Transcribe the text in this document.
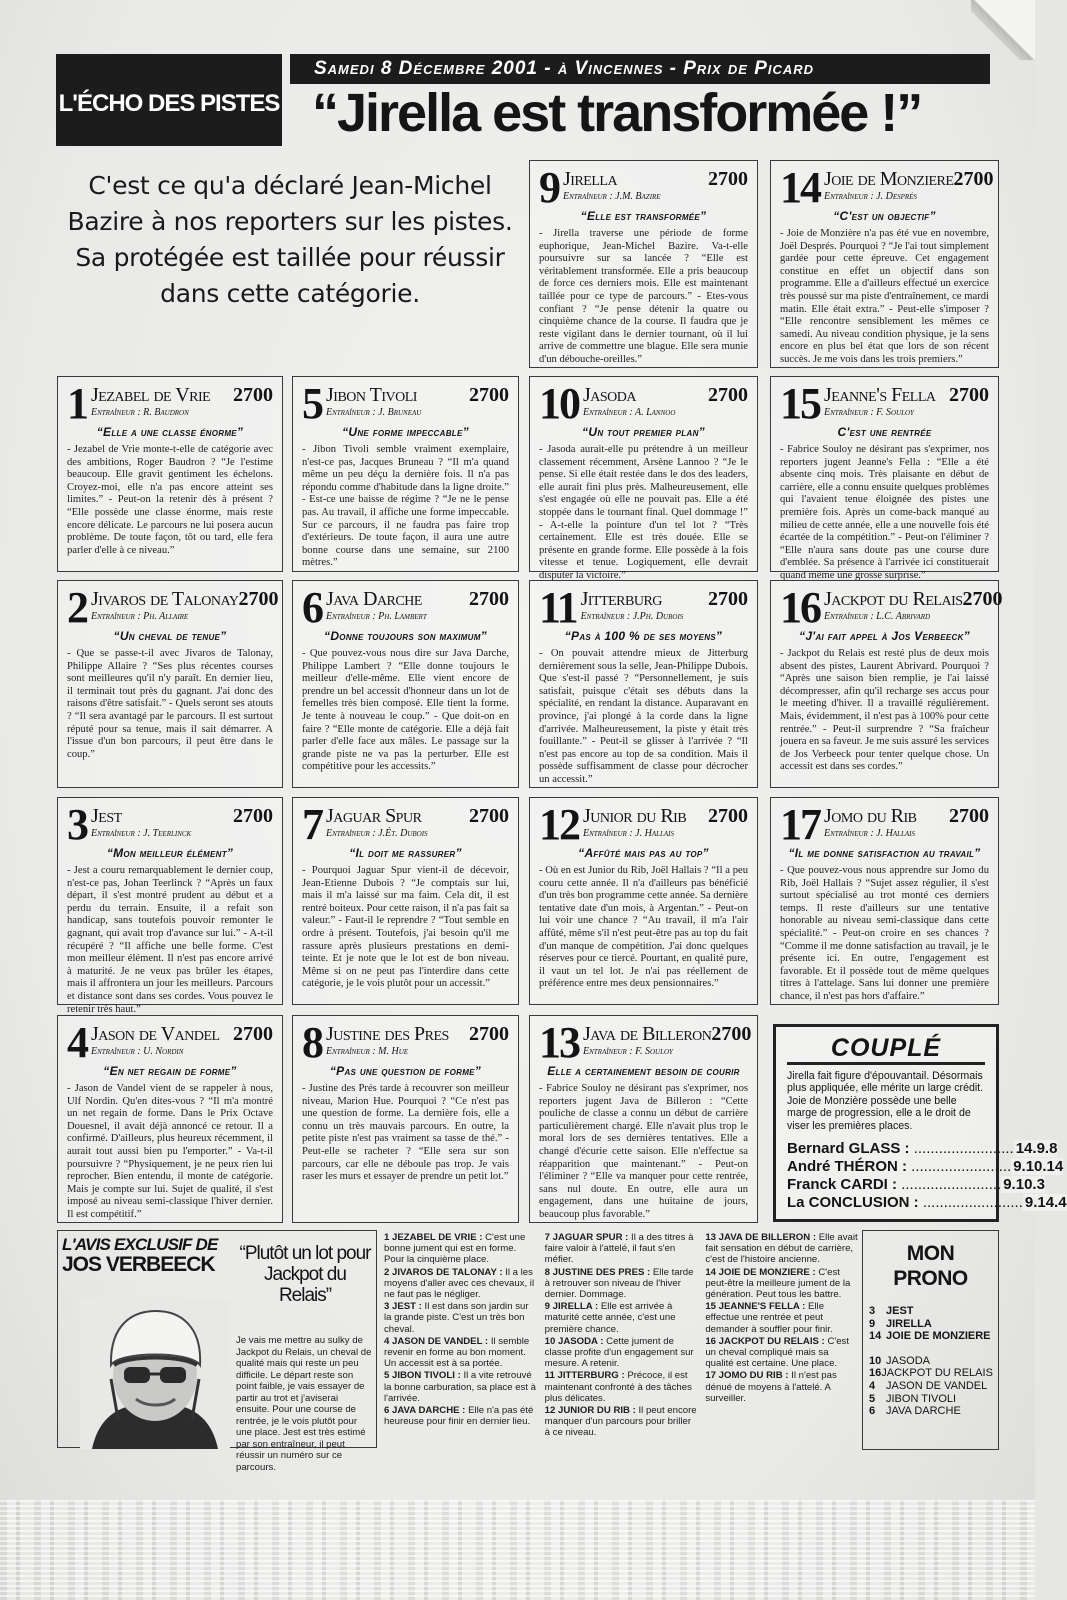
L'ÉCHO DES PISTES
Samedi 8 Décembre 2001 - à Vincennes - Prix de Picard
“Jirella est transformée !”
C'est ce qu'a déclaré Jean-Michel Bazire à nos reporters sur les pistes. Sa protégée est taillée pour réussir dans cette catégorie.
9 Jirella	2700
Entraîneur : J.M. Bazire
“Elle est transformée”
- Jirella traverse une période de forme euphorique, Jean-Michel Bazire. Va-t-elle poursuivre sur sa lancée ? “Elle est véritablement transformée. Elle a pris beaucoup de force ces derniers mois. Elle est maintenant taillée pour ce type de parcours.” - Etes-vous confiant ? “Je pense détenir la quatre ou cinquième chance de la course. Il faudra que je reste vigilant dans le dernier tournant, où il lui arrive de commettre une blague. Elle sera munie d'un débouche-oreilles.”
14 Joie de Monziere 2700
Entraîneur : J. Després
“C'est un objectif”
- Joie de Monzière n'a pas été vue en novembre, Joël Després. Pourquoi ? “Je l'ai tout simplement gardée pour cette épreuve. Cet engagement constitue en effet un objectif dans son programme. Elle a d'ailleurs effectué un exercice très poussé sur ma piste d'entraînement, ce mardi matin. Elle était extra.” - Peut-elle s'imposer ? “Elle rencontre sensiblement les mêmes ce samedi. Au niveau condition physique, je la sens encore en plus bel état que lors de son récent succès. Je me vois dans les trois premiers.”
1 Jezabel de Vrie 2700
Entraîneur : R. Baudron
“Elle a une classe énorme”
- Jezabel de Vrie monte-t-elle de catégorie avec des ambitions, Roger Baudron ? “Je l'estime beaucoup. Elle gravit gentiment les échelons. Croyez-moi, elle n'a pas encore atteint ses limites.” - Peut-on la retenir dès à présent ? “Elle possède une classe énorme, mais reste encore délicate. Le parcours ne lui posera aucun problème. De toute façon, tôt ou tard, elle fera parler d'elle à ce niveau.”
5 Jibon Tivoli	2700
Entraîneur : J. Bruneau
“Une forme impeccable”
- Jibon Tivoli semble vraiment exemplaire, n'est-ce pas, Jacques Bruneau ? “Il m'a quand même un peu déçu la dernière fois. Il n'a pas répondu comme d'habitude dans la ligne droite.” - Est-ce une baisse de régime ? “Je ne le pense pas. Au travail, il affiche une forme impeccable. Sur ce parcours, il ne faudra pas faire trop d'extérieurs. De toute façon, il aura une autre bonne course dans une semaine, sur 2100 mètres.”
10 Jasoda	2700
Entraîneur : A. Lannoo
“Un tout premier plan”
- Jasoda aurait-elle pu prétendre à un meilleur classement récemment, Arsène Lannoo ? “Je le pense. Si elle était restée dans le dos des leaders, elle aurait fini plus près. Malheureusement, elle s'est engagée où elle ne pouvait pas. Elle a été stoppée dans le tournant final. Quel dommage !” - A-t-elle la pointure d'un tel lot ? “Très certainement. Elle est très douée. Elle se présente en grande forme. Elle possède à la fois vitesse et tenue. Logiquement, elle devrait disputer la victoire.”
15 Jeanne's Fella 2700
Entraîneur : F. Souloy
C'est une rentrée
- Fabrice Souloy ne désirant pas s'exprimer, nos reporters jugent Jeanne's Fella : “Elle a été absente cinq mois. Très plaisante en début de carrière, elle a connu ensuite quelques problèmes qui l'avaient tenue éloignée des pistes une première fois. Après un come-back manqué au milieu de cette année, elle a une nouvelle fois été écartée de la compétition.” - Peut-on l'éliminer ? “Elle n'aura sans doute pas une course dure d'emblée. Sa présence à l'arrivée ici constituerait quand même une grosse surprise.”
2 Jivaros de Talonay 2700
Entraîneur : Ph. Allaire
“Un cheval de tenue”
- Que se passe-t-il avec Jivaros de Talonay, Philippe Allaire ? “Ses plus récentes courses sont meilleures qu'il n'y paraît. En dernier lieu, il terminait tout près du gagnant. J'ai donc des raisons d'être satisfait.” - Quels seront ses atouts ? “Il sera avantagé par le parcours. Il est surtout réputé pour sa tenue, mais il sait démarrer. A l'issue d'un bon parcours, il peut être dans le coup.”
6 Java Darche 2700
Entraîneur : Ph. Lambert
“Donne toujours son maximum”
- Que pouvez-vous nous dire sur Java Darche, Philippe Lambert ? “Elle donne toujours le meilleur d'elle-même. Elle vient encore de prendre un bel accessit d'honneur dans un lot de femelles très bien composé. Elle tient la forme. Je tente à nouveau le coup.” - Que doit-on en faire ? “Elle monte de catégorie. Elle a déjà fait parler d'elle face aux mâles. Le passage sur la grande piste ne va pas la perturber. Elle est compétitive pour les accessits.”
11 Jitterburg 2700
Entraîneur : J.Ph. Dubois
“Pas à 100 % de ses moyens”
- On pouvait attendre mieux de Jitterburg dernièrement sous la selle, Jean-Philippe Dubois. Que s'est-il passé ? “Personnellement, je suis satisfait, puisque c'était ses débuts dans la spécialité, en rendant la distance. Auparavant en province, j'ai plongé à la corde dans la ligne d'arrivée. Malheureusement, la piste y était très fouillante.” - Peut-il se glisser à l'arrivée ? “Il n'est pas encore au top de sa condition. Mais il possède suffisamment de classe pour décrocher un accessit.”
16 Jackpot du Relais 2700
Entraîneur : L.C. Abrivard
“J'ai fait appel à Jos Verbeeck”
- Jackpot du Relais est resté plus de deux mois absent des pistes, Laurent Abrivard. Pourquoi ? “Après une saison bien remplie, je l'ai laissé décompresser, afin qu'il recharge ses accus pour le meeting d'hiver. Il a travaillé régulièrement. Mais, évidemment, il n'est pas à 100% pour cette rentrée.” - Peut-il surprendre ? “Sa fraîcheur jouera en sa faveur. Je me suis assuré les services de Jos Verbeeck pour tenter quelque chose. Un accessit est dans ses cordes.”
3 Jest	2700
Entraîneur : J. Teerlinck
“Mon meilleur élément”
- Jest a couru remarquablement le dernier coup, n'est-ce pas, Johan Teerlinck ? “Après un faux départ, il s'est montré prudent au début et a perdu du terrain. Ensuite, il a refait son handicap, sans toutefois pouvoir remonter le gagnant, qui avait trop d'avance sur lui.” - A-t-il récupéré ? “Il affiche une belle forme. C'est mon meilleur élément. Il n'est pas encore arrivé à maturité. Je ne veux pas brûler les étapes, mais il affrontera un jour les meilleurs. Parcours et distance sont dans ses cordes. Vous pouvez le retenir très haut.”
7 Jaguar Spur 2700
Entraîneur : J.Ét. Dubois
“Il doit me rassurer”
- Pourquoi Jaguar Spur vient-il de décevoir, Jean-Etienne Dubois ? “Je comptais sur lui, mais il m'a laissé sur ma faim. Cela dit, il est rentré boiteux. Pour cette raison, il n'a pas fait sa valeur.” - Faut-il le reprendre ? “Tout semble en ordre à présent. Toutefois, j'ai besoin qu'il me rassure après plusieurs prestations en demi-teinte. Et je note que le lot est de bon niveau. Même si on ne peut pas l'interdire dans cette catégorie, je le vois plutôt pour un accessit.”
12 Junior du Rib 2700
Entraîneur : J. Hallais
“Affûté mais pas au top”
- Où en est Junior du Rib, Joël Hallais ? “Il a peu couru cette année. Il n'a d'ailleurs pas bénéficié d'un très bon programme cette année. Sa dernière tentative date d'un mois, à Argentan.” - Peut-on lui voir une chance ? “Au travail, il m'a l'air affûté, même s'il n'est peut-être pas au top du fait d'un manque de compétition. J'ai donc quelques réserves pour ce tiercé. Pourtant, en qualité pure, il vaut un tel lot. Je n'ai pas réellement de préférence entre mes deux pensionnaires.”
17 Jomo du Rib 2700
Entraîneur : J. Hallais
“Il me donne satisfaction au travail”
- Que pouvez-vous nous apprendre sur Jomo du Rib, Joël Hallais ? “Sujet assez régulier, il s'est surtout spécialisé au trot monté ces derniers temps. Il reste d'ailleurs sur une tentative honorable au niveau semi-classique dans cette spécialité.” - Peut-on croire en ses chances ? “Comme il me donne satisfaction au travail, je le présente ici. En outre, l'engagement est favorable. Et il possède tout de même quelques titres à l'attelage. Sans lui donner une première chance, il n'est pas hors d'affaire.”
4 Jason de Vandel 2700
Entraîneur : U. Nordin
“En net regain de forme”
- Jason de Vandel vient de se rappeler à nous, Ulf Nordin. Qu'en dites-vous ? “Il m'a montré un net regain de forme. Dans le Prix Octave Douesnel, il avait déjà annoncé ce retour. Il a confirmé. D'ailleurs, plus heureux récemment, il aurait tout aussi bien pu l'emporter.” - Va-t-il poursuivre ? “Physiquement, je ne peux rien lui reprocher. Bien entendu, il monte de catégorie. Mais je compte sur lui. Sujet de qualité, il s'est imposé au niveau semi-classique l'hiver dernier. Il est compétitif.”
8 Justine des Pres 2700
Entraîneur : M. Hue
“Pas une question de forme”
- Justine des Prés tarde à recouvrer son meilleur niveau, Marion Hue. Pourquoi ? “Ce n'est pas une question de forme. La dernière fois, elle a connu un très mauvais parcours. En outre, la petite piste n'est pas vraiment sa tasse de thé.” - Peut-elle se racheter ? “Elle sera sur son parcours, car elle ne déboule pas trop. Je vais raser les murs et essayer de prendre un petit lot.”
13 Java de Billeron 2700
Entraîneur : F. Souloy
Elle a certainement besoin de courir
- Fabrice Souloy ne désirant pas s'exprimer, nos reporters jugent Java de Billeron : “Cette pouliche de classe a connu un début de carrière particulièrement chargé. Elle n'avait plus trop le moral lors de ses dernières tentatives. Elle a changé d'écurie cette saison. Elle n'effectue sa réapparition que maintenant.” - Peut-on l'éliminer ? “Elle va manquer pour cette rentrée, sans nul doute. En outre, elle aura un engagement, dans une huitaine de jours, beaucoup plus favorable.”
COUPLÉ
Jirella fait figure d'épouvantail. Désormais plus appliquée, elle mérite un large crédit. Joie de Monzière possède une belle marge de progression, elle a le droit de viser les premières places.
Bernard GLASS : .....	14.9.8
André THÉRON : .....	9.10.14
Franck CARDI : .....	9.10.3
La CONCLUSION : .....	9.14.4
L'AVIS EXCLUSIF DE
JOS VERBEECK	“Plutôt un lot pour Jackpot du Relais”
Je vais me mettre au sulky de Jackpot du Relais, un cheval de qualité mais qui reste un peu difficile. Le départ reste son point faible, je vais essayer de partir au trot et j'aviserai ensuite. Pour une course de rentrée, je le vois plutôt pour une place. Jest est très estimé par son entraîneur, il peut réussir un numéro sur ce parcours.
1 JEZABEL DE VRIE : C'est une bonne jument qui est en forme. Pour la cinquième place.
2 JIVAROS DE TALONAY : Il a les moyens d'aller avec ces chevaux, il ne faut pas le négliger.
3 JEST : Il est dans son jardin sur la grande piste. C'est un très bon cheval.
4 JASON DE VANDEL : Il semble revenir en forme au bon moment. Un accessit est à sa portée.
5 JIBON TIVOLI : Il a vite retrouvé la bonne carburation, sa place est à l'arrivée.
6 JAVA DARCHE : Elle n'a pas été heureuse pour finir en dernier lieu.
7 JAGUAR SPUR : Il a des titres à faire valoir à l'attelé, il faut s'en méfier.
8 JUSTINE DES PRES : Elle tarde à retrouver son niveau de l'hiver dernier. Dommage.
9 JIRELLA : Elle est arrivée à maturité cette année, c'est une première chance.
10 JASODA : Cette jument de classe profite d'un engagement sur mesure. A retenir.
11 JITTERBURG : Précoce, il est maintenant confronté à des tâches plus délicates.
12 JUNIOR DU RIB : Il peut encore manquer d'un parcours pour briller à ce niveau.
13 JAVA DE BILLERON : Elle avait fait sensation en début de carrière, c'est de l'histoire ancienne.
14 JOIE DE MONZIERE : C'est peut-être la meilleure jument de la génération. Peut tous les battre.
15 JEANNE'S FELLA : Elle effectue une rentrée et peut demander à souffler pour finir.
16 JACKPOT DU RELAIS : C'est un cheval compliqué mais sa qualité est certaine. Une place.
17 JOMO DU RIB : Il n'est pas dénué de moyens à l'attelé. A surveiller.
MON
PRONO
3 JEST
9 JIRELLA
14 JOIE DE MONZIERE
10 JASODA
16 JACKPOT DU RELAIS
4 JASON DE VANDEL
5 JIBON TIVOLI
6 JAVA DARCHE
